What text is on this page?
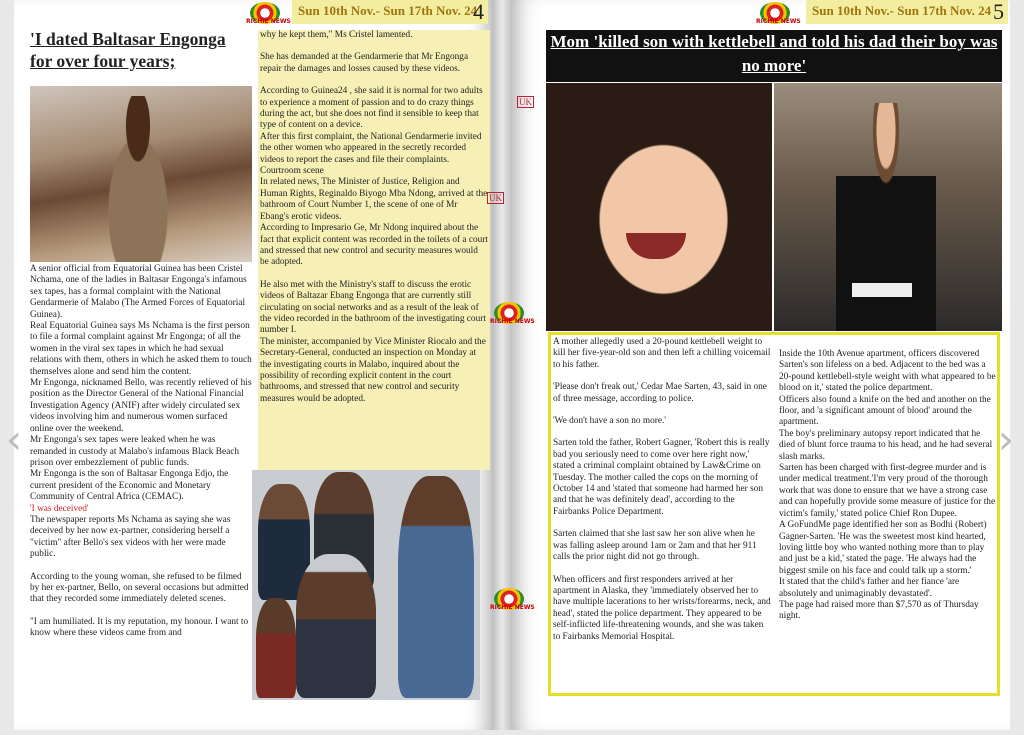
Sun 10th Nov.- Sun 17th Nov. 24
4
RICHIE NEWS
'I dated Baltasar Engonga for over four years;

A senior official from Equatorial Guinea has been Cristel Nchama, one of the ladies in Baltasar Engonga's infamous sex tapes, has a formal complaint with the National Gendarmerie of Malabo (The Armed Forces of Equatorial Guinea).

Real Equatorial Guinea says Ms Nchama is the first person to file a formal complaint against Mr Engonga; of all the women in the viral sex tapes in which he had sexual relations with them, others in which he asked them to touch themselves alone and send him the content.

Mr Engonga, nicknamed Bello, was recently relieved of his position as the Director General of the National Financial Investigation Agency (ANIF) after widely circulated sex videos involving him and numerous women surfaced online over the weekend.

Mr Engonga's sex tapes were leaked when he was remanded in custody at Malabo's infamous Black Beach prison over embezzlement of public funds.

Mr Engonga is the son of Baltasar Engonga Edjo, the current president of the Economic and Monetary Community of Central Africa (CEMAC).

'I was deceived'

The newspaper reports Ms Nchama as saying she was deceived by her now ex-partner, considering herself a "victim" after Bello's sex videos with her were made public.

According to the young woman, she refused to be filmed by her ex-partner, Bello, on several occasions but admitted that they recorded some immediately deleted scenes.

"I am humiliated. It is my reputation, my honour. I want to know where these videos came from and

why he kept them," Ms Cristel lamented.

She has demanded at the Gendarmerie that Mr Engonga repair the damages and losses caused by these videos.

According to Guinea24 , she said it is normal for two adults to experience a moment of passion and to do crazy things during the act, but she does not find it sensible to keep that type of content on a device.

After this first complaint, the National Gendarmerie invited the other women who appeared in the secretly recorded videos to report the cases and file their complaints.

Courtroom scene

In related news, The Minister of Justice, Religion and Human Rights, Reginaldo Biyogo Mba Ndong, arrived at the bathroom of Court Number 1, the scene of one of Mr Ebang's erotic videos.

According to Impresario Ge, Mr Ndong inquired about the fact that explicit content was recorded in the toilets of a court and stressed that new control and security measures would be adopted.

He also met with the Ministry's staff to discuss the erotic videos of Baltazar Ebang Engonga that are currently still circulating on social networks and as a result of the leak of the video recorded in the bathroom of the investigating court number I.

The minister, accompanied by Vice Minister Riocalo and the Secretary-General, conducted an inspection on Monday at the investigating courts in Malabo, inquired about the possibility of recording explicit content in the court bathrooms, and stressed that new control and security measures would be adopted.

‹
Sun 10th Nov.- Sun 17th Nov. 24 5
RICHIE NEWS
Mom 'killed son with kettlebell and told his dad their boy was no more'

A mother allegedly used a 20-pound kettlebell weight to kill her five-year-old son and then left a chilling voicemail to his father.

'Please don't freak out,' Cedar Mae Sarten, 43, said in one of three message, according to police.

'We don't have a son no more.'

Sarten told the father, Robert Gagner, 'Robert this is really bad you seriously need to come over here right now,' stated a criminal complaint obtained by Law&Crime on Tuesday. The mother called the cops on the morning of October 14 and 'stated that someone had harmed her son and that he was definitely dead', according to the Fairbanks Police Department.

Sarten claimed that she last saw her son alive when he was falling asleep around 1am or 2am and that her 911 calls the prior night did not go through.

When officers and first responders arrived at her apartment in Alaska, they 'immediately observed her to have multiple lacerations to her wrists/forearms, neck, and head', stated the police department. They appeared to be self-inflicted life-threatening wounds, and she was taken to Fairbanks Memorial Hospital.

Inside the 10th Avenue apartment, officers discovered Sarten's son lifeless on a bed. Adjacent to the bed was a 20-pound kettlebell-style weight with what appeared to be blood on it,' stated the police department.

Officers also found a knife on the bed and another on the floor, and 'a significant amount of blood' around the apartment.

The boy's preliminary autopsy report indicated that he died of blunt force trauma to his head, and he had several slash marks.

Sarten has been charged with first-degree murder and is under medical treatment.'I'm very proud of the thorough work that was done to ensure that we have a strong case and can hopefully provide some measure of justice for the victim's family,' stated police Chief Ron Dupee.

A GoFundMe page identified her son as Bodhi (Robert) Gagner-Sarten. 'He was the sweetest most kind hearted, loving little boy who wanted nothing more than to play and just be a kid,' stated the page. 'He always had the biggest smile on his face and could talk up a storm.'

It stated that the child's father and her fiance 'are absolutely and unimaginably devastated'.

The page had raised more than $7,570 as of Thursday night.

›
UK
UK
RICHIE NEWS
RICHIE NEWS
